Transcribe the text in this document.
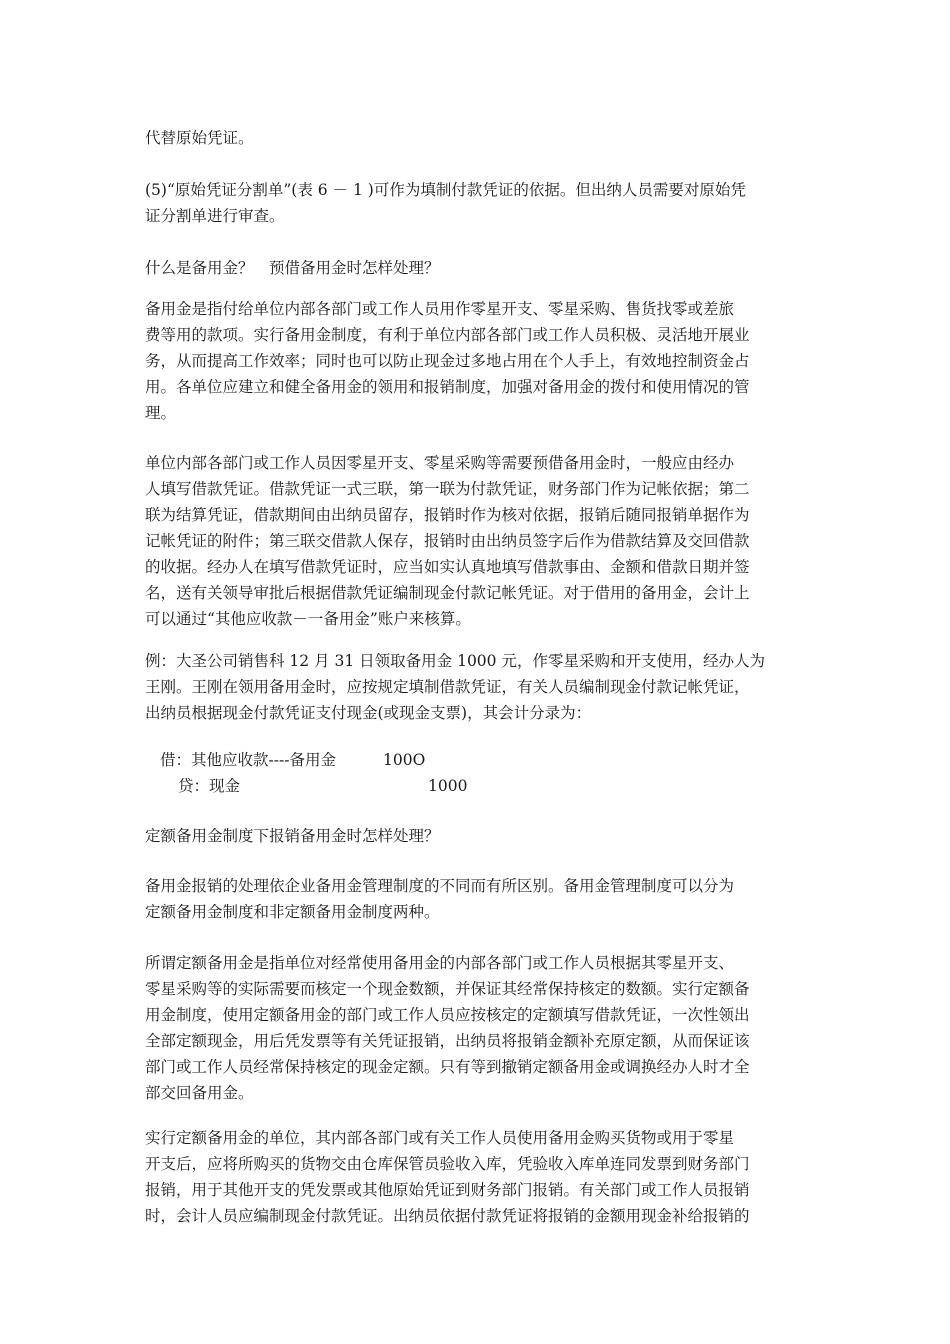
代替原始凭证。
(5)“原始凭证分割单”(表 6 － 1 )可作为填制付款凭证的依据。但出纳人员需要对原始凭
证分割单进行审查。
什么是备用金？　预借备用金时怎样处理？
备用金是指付给单位内部各部门或工作人员用作零星开支、零星采购、售货找零或差旅
费等用的款项。实行备用金制度，有利于单位内部各部门或工作人员积极、灵活地开展业
务，从而提高工作效率；同时也可以防止现金过多地占用在个人手上，有效地控制资金占
用。各单位应建立和健全备用金的领用和报销制度，加强对备用金的拨付和使用情况的管
理。
单位内部各部门或工作人员因零星开支、零星采购等需要预借备用金时，一般应由经办
人填写借款凭证。借款凭证一式三联，第一联为付款凭证，财务部门作为记帐依据；第二
联为结算凭证，借款期间由出纳员留存，报销时作为核对依据，报销后随同报销单据作为
记帐凭证的附件；第三联交借款人保存，报销时由出纳员签字后作为借款结算及交回借款
的收据。经办人在填写借款凭证时，应当如实认真地填写借款事由、金额和借款日期并签
名，送有关领导审批后根据借款凭证编制现金付款记帐凭证。对于借用的备用金，会计上
可以通过“其他应收款－一备用金”账户来核算。
例：大圣公司销售科 12 月 31 日领取备用金 1000 元，作零星采购和开支使用，经办人为
王刚。王刚在领用备用金时，应按规定填制借款凭证，有关人员编制现金付款记帐凭证，
出纳员根据现金付款凭证支付现金(或现金支票)，其会计分录为：
借：其他应收款----备用金	100O
贷：现金	1000
定额备用金制度下报销备用金时怎样处理？
备用金报销的处理依企业备用金管理制度的不同而有所区别。备用金管理制度可以分为
定额备用金制度和非定额备用金制度两种。
所谓定额备用金是指单位对经常使用备用金的内部各部门或工作人员根据其零星开支、
零星采购等的实际需要而核定一个现金数额，并保证其经常保持核定的数额。实行定额备
用金制度，使用定额备用金的部门或工作人员应按核定的定额填写借款凭证，一次性领出
全部定额现金，用后凭发票等有关凭证报销，出纳员将报销金额补充原定额，从而保证该
部门或工作人员经常保持核定的现金定额。只有等到撤销定额备用金或调换经办人时才全
部交回备用金。
实行定额备用金的单位，其内部各部门或有关工作人员使用备用金购买货物或用于零星
开支后，应将所购买的货物交由仓库保管员验收入库，凭验收入库单连同发票到财务部门
报销，用于其他开支的凭发票或其他原始凭证到财务部门报销。有关部门或工作人员报销
时，会计人员应编制现金付款凭证。出纳员依据付款凭证将报销的金额用现金补给报销的
